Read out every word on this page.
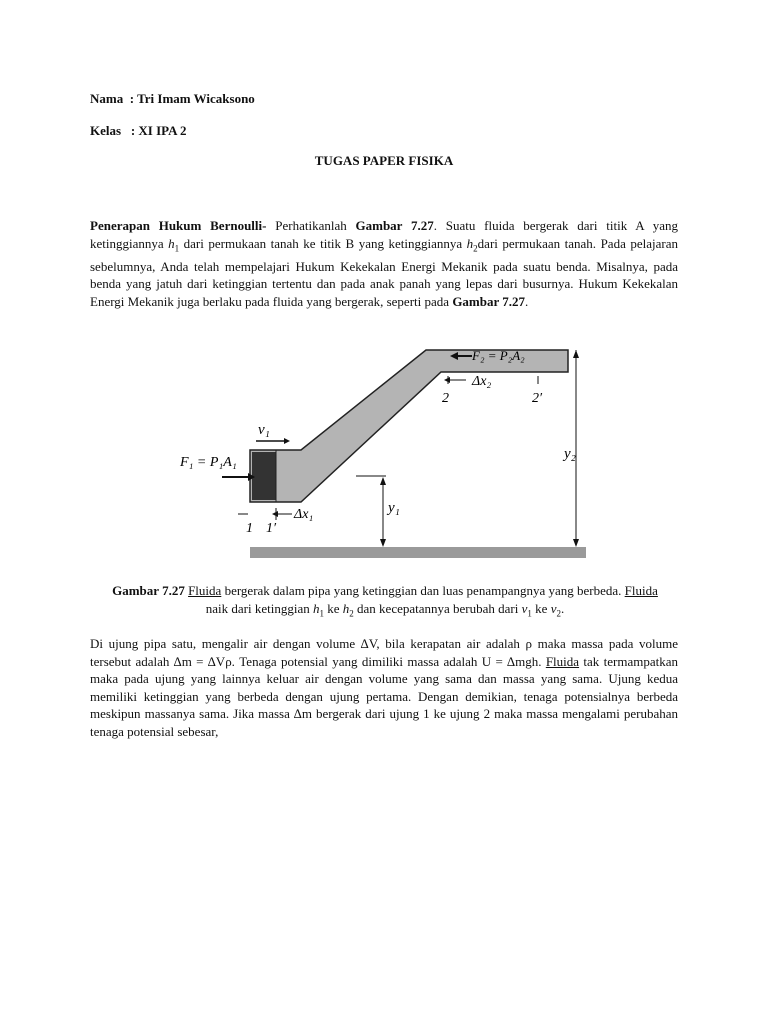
Nama : Tri Imam Wicaksono
Kelas : XI IPA 2
TUGAS PAPER FISIKA
Penerapan Hukum Bernoulli- Perhatikanlah Gambar 7.27. Suatu fluida bergerak dari titik A yang ketinggiannya $h_1$ dari permukaan tanah ke titik B yang ketinggiannya $h_2dari$ permukaan tanah. Pada pelajaran sebelumnya, Anda telah mempelajari Hukum Kekekalan Energi Mekanik pada suatu benda. Misalnya, pada benda yang jatuh dari ketinggian tertentu dan pada anak panah yang lepas dari busurnya. Hukum Kekekalan Energi Mekanik juga berlaku pada fluida yang bergerak, seperti pada Gambar 7.27.
F₂ = P₂A₂
Δx₂
2	2′
y₂
v₁
F₁ = P₁A₁
Δx₁
1 1′
y₁
Gambar 7.27 Fluida bergerak dalam pipa yang ketinggian dan luas penampangnya yang berbeda. Fluida naik dari ketinggian $h_1$ ke $h_2$ dan kecepatannya berubah dari $v_1$ ke $v_2$.
Di ujung pipa satu, mengalir air dengan volume ∆V, bila kerapatan air adalah ρ maka massa pada volume tersebut adalah ∆m = ∆Vρ. Tenaga potensial yang dimiliki massa adalah U = ∆mgh. Fluida tak termampatkan maka pada ujung yang lainnya keluar air dengan volume yang sama dan massa yang sama. Ujung kedua memiliki ketinggian yang berbeda dengan ujung pertama. Dengan demikian, tenaga potensialnya berbeda meskipun massanya sama. Jika massa ∆m bergerak dari ujung 1 ke ujung 2 maka massa mengalami perubahan tenaga potensial sebesar,
